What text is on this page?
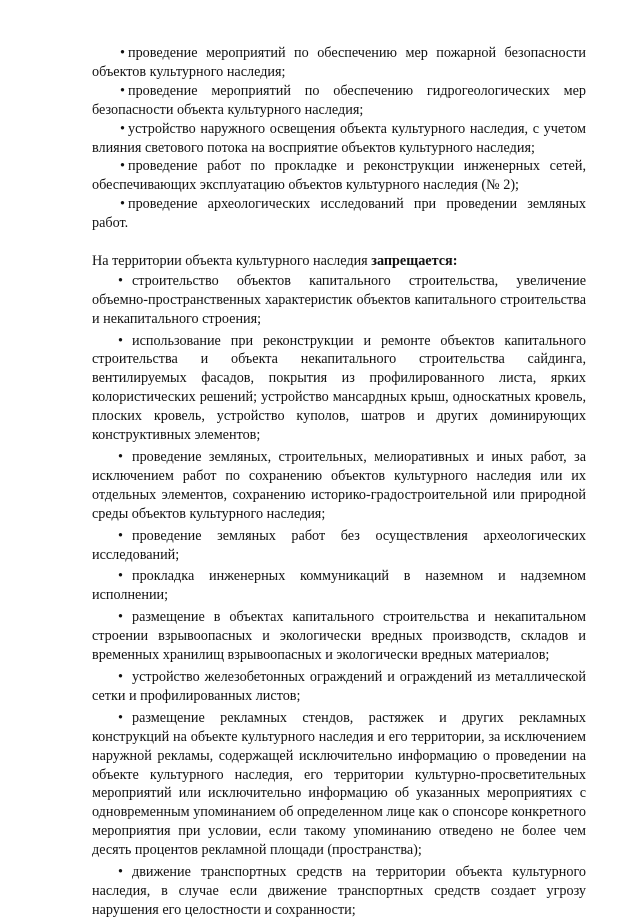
• проведение мероприятий по обеспечению мер пожарной безопасности объектов культурного наследия;

• проведение мероприятий по обеспечению гидрогеологических мер безопасности объекта культурного наследия;

• устройство наружного освещения объекта культурного наследия, с учетом влияния светового потока на восприятие объектов культурного наследия;

• проведение работ по прокладке и реконструкции инженерных сетей, обеспечивающих эксплуатацию объектов культурного наследия (№ 2);

• проведение археологических исследований при проведении земляных работ.

На территории объекта культурного наследия запрещается:

• строительство объектов капитального строительства, увеличение объемно-пространственных характеристик объектов капитального строительства и некапитального строения;

• использование при реконструкции и ремонте объектов капитального строительства и объекта некапитального строительства сайдинга, вентилируемых фасадов, покрытия из профилированного листа, ярких колористических решений; устройство мансардных крыш, односкатных кровель, плоских кровель, устройство куполов, шатров и других доминирующих конструктивных элементов;

• проведение земляных, строительных, мелиоративных и иных работ, за исключением работ по сохранению объектов культурного наследия или их отдельных элементов, сохранению историко-градостроительной или природной среды объектов культурного наследия;

• проведение земляных работ без осуществления археологических исследований;

• прокладка инженерных коммуникаций в наземном и надземном исполнении;

• размещение в объектах капитального строительства и некапитальном строении взрывоопасных и экологически вредных производств, складов и временных хранилищ взрывоопасных и экологически вредных материалов;

• устройство железобетонных ограждений и ограждений из металлической сетки и профилированных листов;

• размещение рекламных стендов, растяжек и других рекламных конструкций на объекте культурного наследия и его территории, за исключением наружной рекламы, содержащей исключительно информацию о проведении на объекте культурного наследия, его территории культурно-просветительных мероприятий или исключительно информацию об указанных мероприятиях с одновременным упоминанием об определенном лице как о спонсоре конкретного мероприятия при условии, если такому упоминанию отведено не более чем десять процентов рекламной площади (пространства);

• движение транспортных средств на территории объекта культурного наследия, в случае если движение транспортных средств создает угрозу нарушения его целостности и сохранности;
